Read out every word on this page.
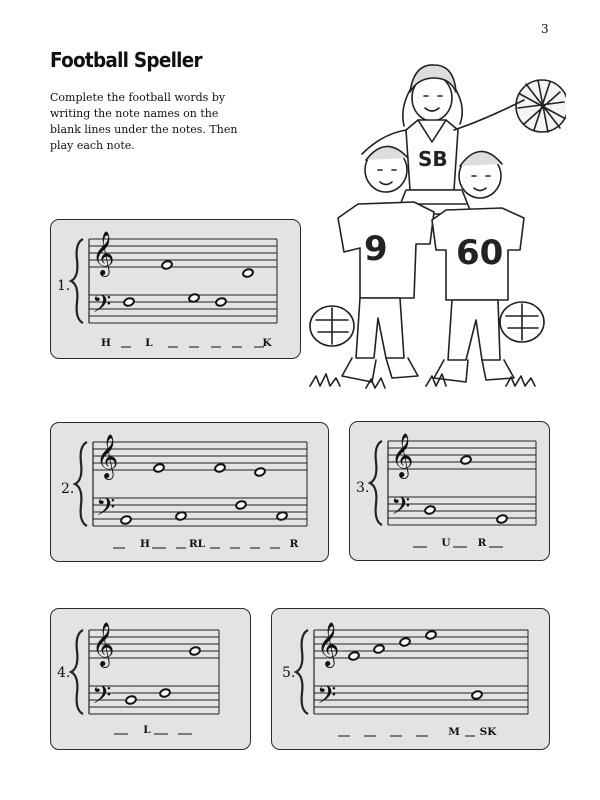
3
Football Speller
Complete the football words by writing the note names on the blank lines under the notes. Then play each note.
SB
9 60
𝄞
𝄢
1.
H	L	K
𝄞
𝄢
2.
H	RL	R
𝄞
𝄢
3.
U	R
𝄞
𝄢
4.
L
𝄞
𝄢
5.
M SK
